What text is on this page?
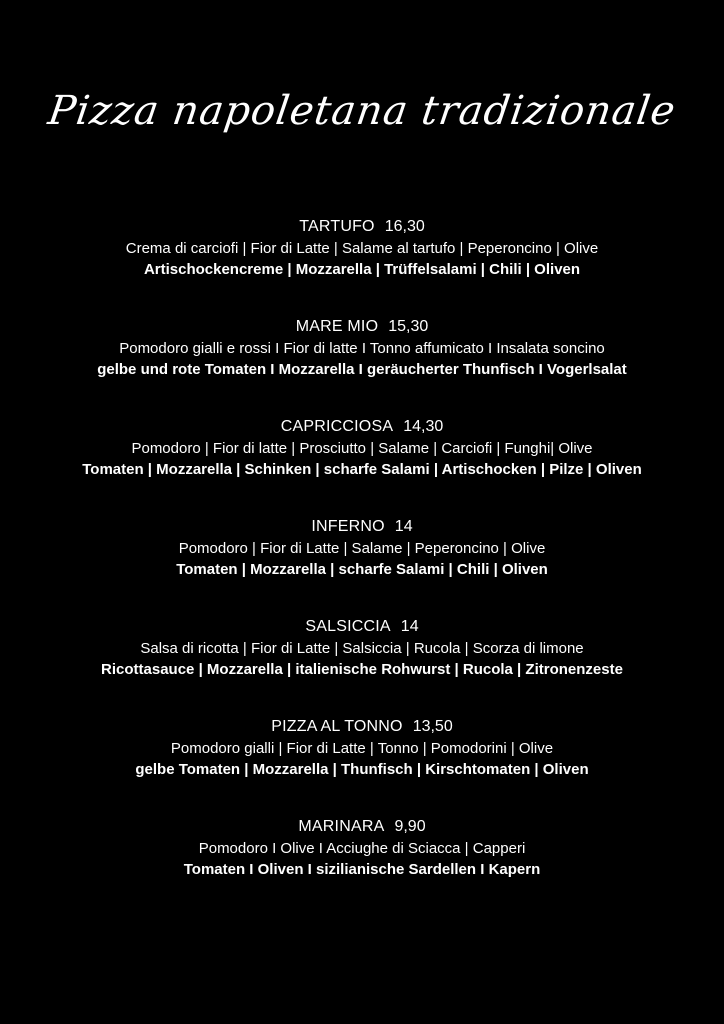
Pizza napoletana tradizionale
TARTUFO 16,30
Crema di carciofi | Fior di Latte | Salame al tartufo | Peperoncino | Olive
Artischockencreme | Mozzarella | Trüffelsalami | Chili | Oliven
MARE MIO 15,30
Pomodoro gialli e rossi I Fior di latte I Tonno affumicato I Insalata soncino
gelbe und rote Tomaten I Mozzarella I geräucherter Thunfisch I Vogerlsalat
CAPRICCIOSA 14,30
Pomodoro | Fior di latte | Prosciutto | Salame | Carciofi | Funghi| Olive
Tomaten | Mozzarella | Schinken | scharfe Salami | Artischocken | Pilze | Oliven
INFERNO 14
Pomodoro | Fior di Latte | Salame | Peperoncino | Olive
Tomaten | Mozzarella | scharfe Salami | Chili | Oliven
SALSICCIA 14
Salsa di ricotta | Fior di Latte | Salsiccia | Rucola | Scorza di limone
Ricottasauce | Mozzarella | italienische Rohwurst | Rucola | Zitronenzeste
PIZZA AL TONNO 13,50
Pomodoro gialli | Fior di Latte | Tonno | Pomodorini | Olive
gelbe Tomaten | Mozzarella | Thunfisch | Kirschtomaten | Oliven
MARINARA 9,90
Pomodoro I Olive I Acciughe di Sciacca | Capperi
Tomaten I Oliven I sizilianische Sardellen I Kapern
